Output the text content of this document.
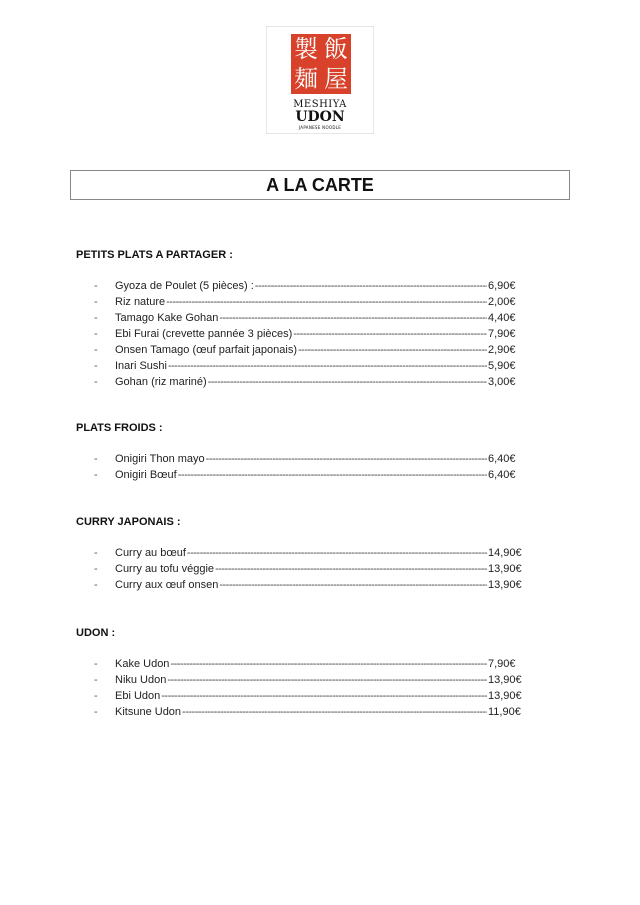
製 飯
麺 屋
MESHIYA
UDON
JAPANESE NOODLE
A LA CARTE
PETITS PLATS A PARTAGER :
-	Gyoza de Poulet (5 pièces) : -----	6,90€
-	Riz nature -----	2,00€
-	Tamago Kake Gohan -----	4,40€
-	Ebi Furai (crevette pannée 3 pièces) -----	7,90€
-	Onsen Tamago (œuf parfait japonais) -----	2,90€
-	Inari Sushi -----	5,90€
-	Gohan (riz mariné) -----	3,00€
PLATS FROIDS :
-	Onigiri Thon mayo -----	6,40€
-	Onigiri Bœuf -----	6,40€
CURRY JAPONAIS :
-	Curry au bœuf -----	14,90€
-	Curry au tofu véggie -----	13,90€
-	Curry aux œuf onsen -----	13,90€
UDON :
-	Kake Udon -----	7,90€
-	Niku Udon -----	13,90€
-	Ebi Udon -----	13,90€
-	Kitsune Udon -----	11,90€
